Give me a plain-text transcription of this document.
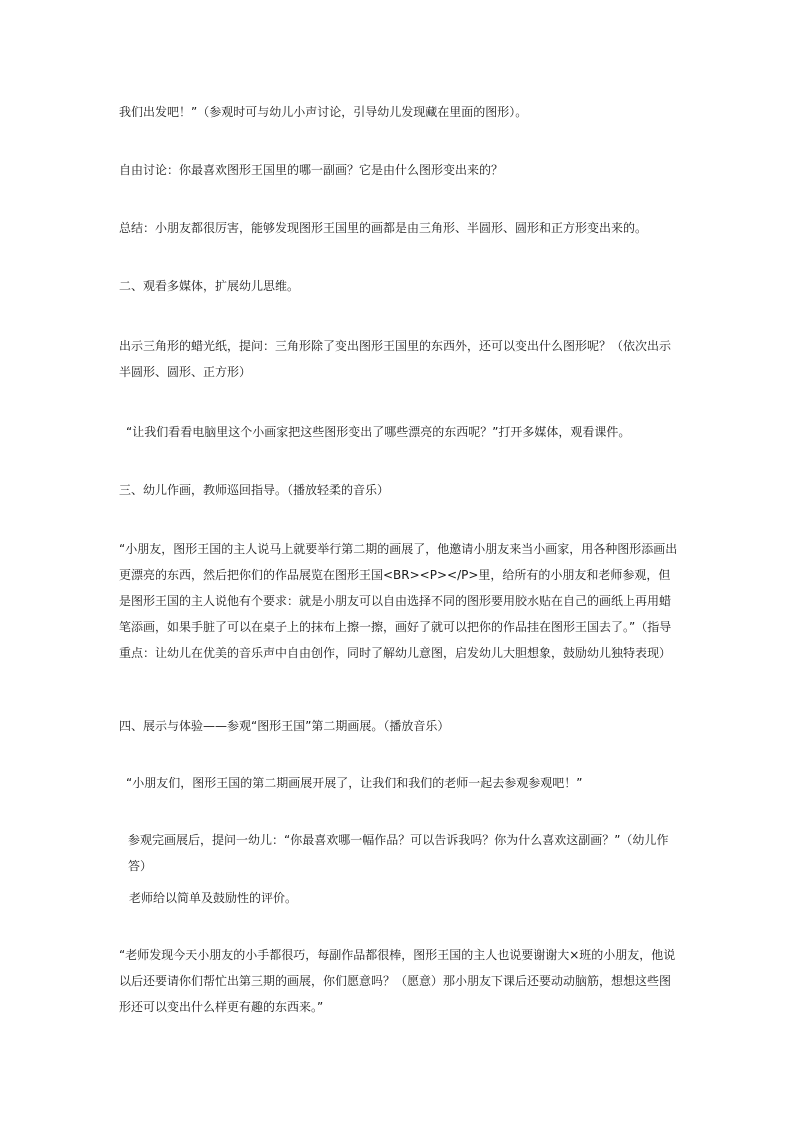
我们出发吧！”（参观时可与幼儿小声讨论，引导幼儿发现藏在里面的图形）。

自由讨论：你最喜欢图形王国里的哪一副画？它是由什么图形变出来的？

总结：小朋友都很厉害，能够发现图形王国里的画都是由三角形、半圆形、圆形和正方形变出来的。

二、观看多媒体，扩展幼儿思维。

出示三角形的蜡光纸，提问：三角形除了变出图形王国里的东西外，还可以变出什么图形呢？（依次出示半圆形、圆形、正方形）

“让我们看看电脑里这个小画家把这些图形变出了哪些漂亮的东西呢？”打开多媒体，观看课件。

三、幼儿作画，教师巡回指导。（播放轻柔的音乐）

“小朋友，图形王国的主人说马上就要举行第二期的画展了，他邀请小朋友来当小画家，用各种图形添画出更漂亮的东西，然后把你们的作品展览在图形王国<BR><P></P>里，给所有的小朋友和老师参观，但是图形王国的主人说他有个要求：就是小朋友可以自由选择不同的图形要用胶水贴在自己的画纸上再用蜡笔添画，如果手脏了可以在桌子上的抹布上擦一擦，画好了就可以把你的作品挂在图形王国去了。”（指导重点：让幼儿在优美的音乐声中自由创作，同时了解幼儿意图，启发幼儿大胆想象，鼓励幼儿独特表现）

四、展示与体验——参观“图形王国”第二期画展。（播放音乐）

“小朋友们，图形王国的第二期画展开展了，让我们和我们的老师一起去参观参观吧！”

参观完画展后，提问一幼儿：“你最喜欢哪一幅作品？可以告诉我吗？你为什么喜欢这副画？”（幼儿作答）

老师给以简单及鼓励性的评价。

“老师发现今天小朋友的小手都很巧，每副作品都很棒，图形王国的主人也说要谢谢大×班的小朋友，他说以后还要请你们帮忙出第三期的画展，你们愿意吗？（愿意）那小朋友下课后还要动动脑筋，想想这些图形还可以变出什么样更有趣的东西来。”
